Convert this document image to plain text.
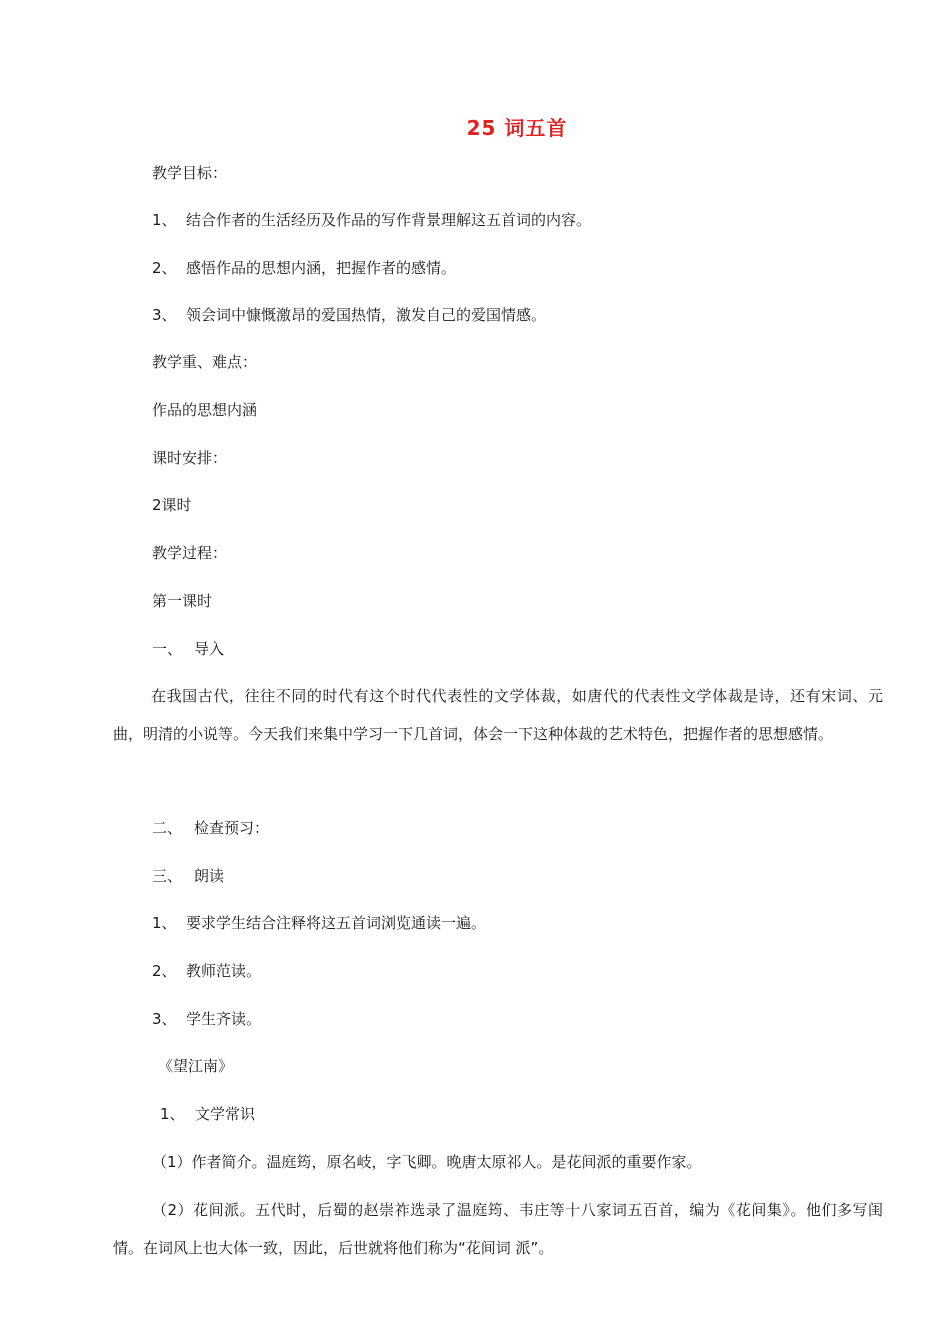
25 词五首
教学目标：
1、 结合作者的生活经历及作品的写作背景理解这五首词的内容。
2、 感悟作品的思想内涵，把握作者的感情。
3、 领会词中慷慨激昂的爱国热情，激发自己的爱国情感。
教学重、难点：
作品的思想内涵
课时安排：
2课时
教学过程：
第一课时
一、 导入
在我国古代，往往不同的时代有这个时代代表性的文学体裁，如唐代的代表性文学体裁是诗，还有宋词、元曲，明清的小说等。今天我们来集中学习一下几首词，体会一下这种体裁的艺术特色，把握作者的思想感情。
二、 检查预习：
三、 朗读
1、 要求学生结合注释将这五首词浏览通读一遍。
2、 教师范读。
3、 学生齐读。
《望江南》
1、 文学常识
（1）作者简介。温庭筠，原名岐，字飞卿。晚唐太原祁人。是花间派的重要作家。
（2）花间派。五代时，后蜀的赵崇祚选录了温庭筠、韦庄等十八家词五百首，编为《花间集》。他们多写闺情。在词风上也大体一致，因此，后世就将他们称为“花间词 派”。
